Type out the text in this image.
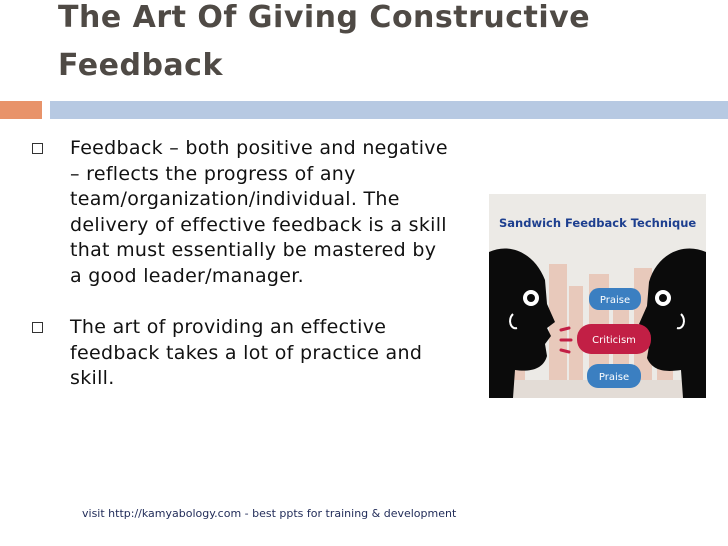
The Art Of Giving Constructive Feedback
Feedback – both positive and negative – reflects the progress of any team/organization/individual. The delivery of effective feedback is a skill that must essentially be mastered by a good leader/manager.
The art of providing an effective feedback takes a lot of practice and skill.
Sandwich Feedback Technique
Praise
Criticism
Praise
visit http://kamyabology.com - best ppts for training & development
